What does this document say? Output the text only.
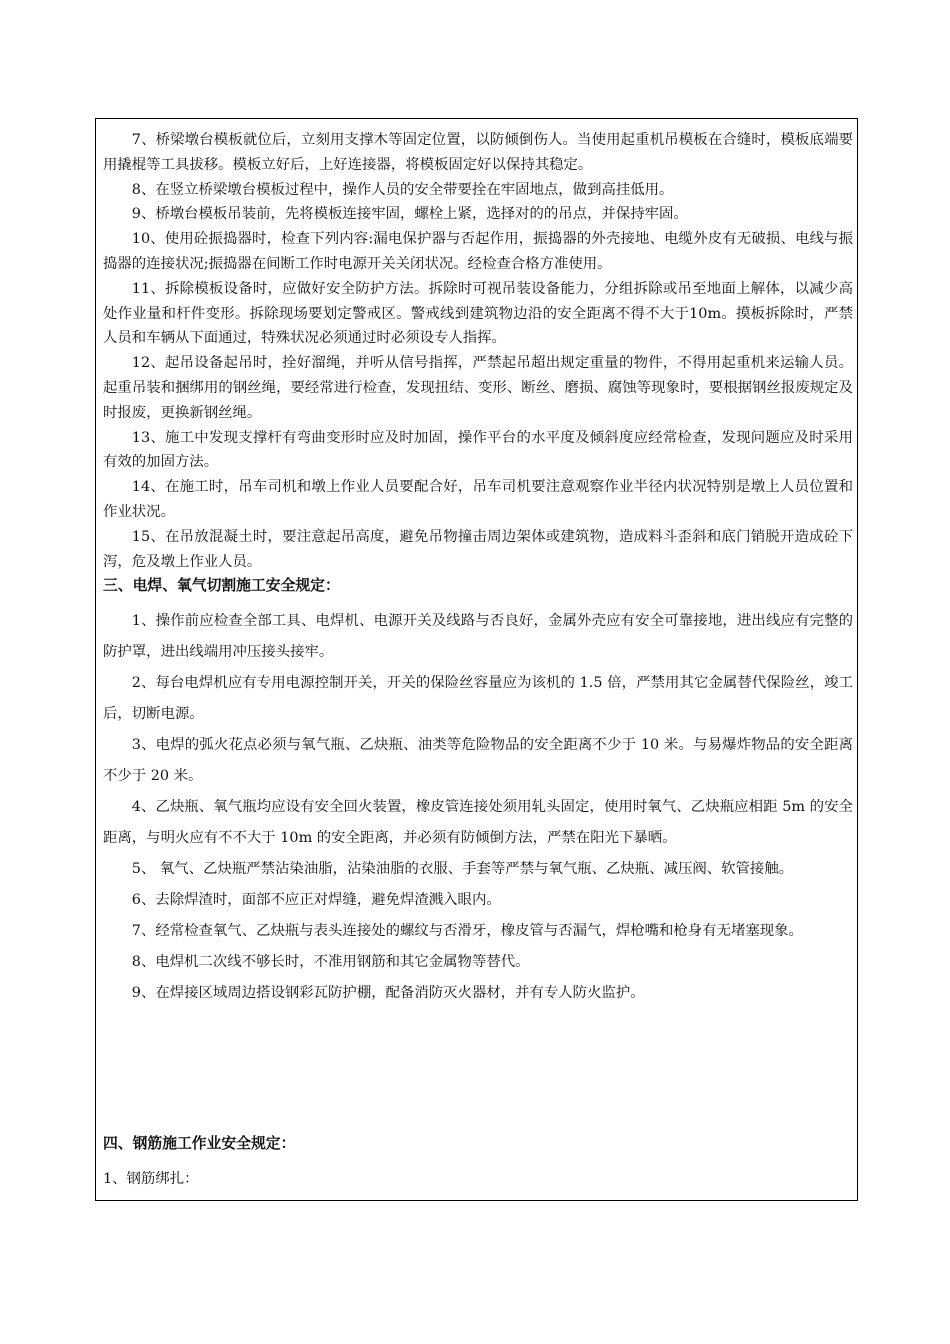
7、桥梁墩台模板就位后，立刻用支撑木等固定位置，以防倾倒伤人。当使用起重机吊模板在合缝时，模板底端要用撬棍等工具拔移。模板立好后，上好连接器，将模板固定好以保持其稳定。

8、在竖立桥梁墩台模板过程中，操作人员的安全带要拴在牢固地点，做到高挂低用。

9、桥墩台模板吊装前，先将模板连接牢固，螺栓上紧，选择对的的吊点，并保持牢固。

10、使用砼振捣器时，检查下列内容:漏电保护器与否起作用，振捣器的外壳接地、电缆外皮有无破损、电线与振捣器的连接状况;振捣器在间断工作时电源开关关闭状况。经检查合格方准使用。

11、拆除模板设备时，应做好安全防护方法。拆除时可视吊装设备能力，分组拆除或吊至地面上解体，以减少高处作业量和杆件变形。拆除现场要划定警戒区。警戒线到建筑物边沿的安全距离不得不大于10m。摸板拆除时，严禁人员和车辆从下面通过，特殊状况必须通过时必须设专人指挥。

12、起吊设备起吊时，拴好溜绳，并听从信号指挥，严禁起吊超出规定重量的物件，不得用起重机来运输人员。起重吊装和捆绑用的钢丝绳，要经常进行检查，发现扭结、变形、断丝、磨损、腐蚀等现象时，要根据钢丝报废规定及时报废，更换新钢丝绳。

13、施工中发现支撑杆有弯曲变形时应及时加固，操作平台的水平度及倾斜度应经常检查，发现问题应及时采用有效的加固方法。

14、在施工时，吊车司机和墩上作业人员要配合好，吊车司机要注意观察作业半径内状况特别是墩上人员位置和作业状况。

15、在吊放混凝土时，要注意起吊高度，避免吊物撞击周边架体或建筑物，造成料斗歪斜和底门销脱开造成砼下泻，危及墩上作业人员。

三、电焊、氧气切割施工安全规定：

1、操作前应检查全部工具、电焊机、电源开关及线路与否良好，金属外壳应有安全可靠接地，进出线应有完整的防护罩，进出线端用冲压接头接牢。

2、每台电焊机应有专用电源控制开关，开关的保险丝容量应为该机的 1.5 倍，严禁用其它金属替代保险丝，竣工后，切断电源。

3、电焊的弧火花点必须与氧气瓶、乙炔瓶、油类等危险物品的安全距离不少于 10 米。与易爆炸物品的安全距离不少于 20 米。

4、乙炔瓶、氧气瓶均应设有安全回火装置，橡皮管连接处须用轧头固定，使用时氧气、乙炔瓶应相距 5m 的安全距离，与明火应有不不大于 10m 的安全距离，并必须有防倾倒方法，严禁在阳光下暴晒。

5、 氧气、乙炔瓶严禁沾染油脂，沾染油脂的衣服、手套等严禁与氧气瓶、乙炔瓶、减压阀、软管接触。

6、去除焊渣时，面部不应正对焊缝，避免焊渣溅入眼内。

7、经常检查氧气、乙炔瓶与表头连接处的螺纹与否滑牙，橡皮管与否漏气，焊枪嘴和枪身有无堵塞现象。

8、电焊机二次线不够长时，不准用钢筋和其它金属物等替代。

9、在焊接区域周边搭设钢彩瓦防护棚，配备消防灭火器材，并有专人防火监护。

四、钢筋施工作业安全规定：

1、钢筋绑扎：
